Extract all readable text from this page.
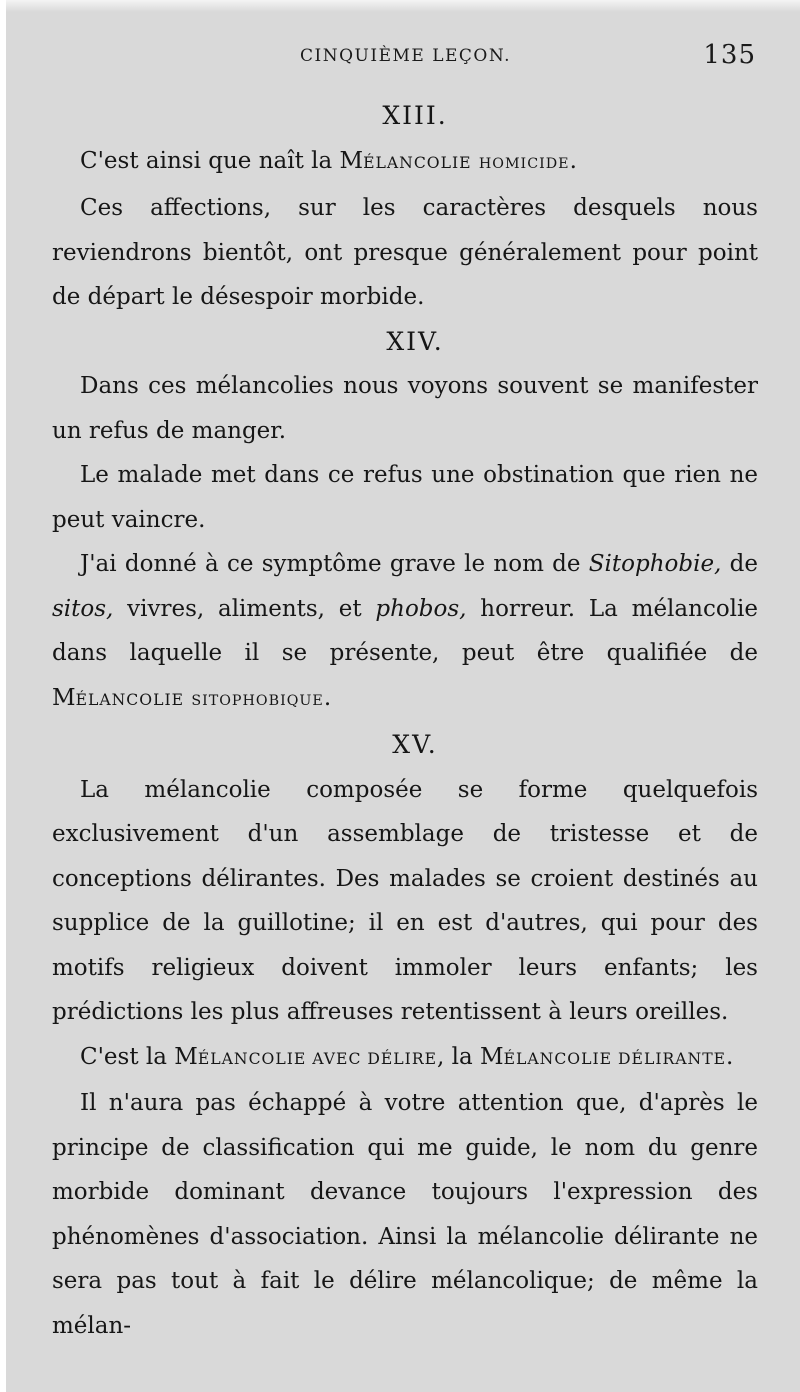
CINQUIÈME LEÇON.	135

XIII.

C'est ainsi que naît la MÉLANCOLIE HOMICIDE.

Ces affections, sur les caractères desquels nous reviendrons bientôt, ont presque généralement pour point de départ le désespoir morbide.

XIV.

Dans ces mélancolies nous voyons souvent se manifester un refus de manger.

Le malade met dans ce refus une obstination que rien ne peut vaincre.

J'ai donné à ce symptôme grave le nom de Sitophobie, de sitos, vivres, aliments, et phobos, horreur. La mélancolie dans laquelle il se présente, peut être qualifiée de MÉLANCOLIE SITOPHOBIQUE.

XV.

La mélancolie composée se forme quelquefois exclusivement d'un assemblage de tristesse et de conceptions délirantes. Des malades se croient destinés au supplice de la guillotine; il en est d'autres, qui pour des motifs religieux doivent immoler leurs enfants; les prédictions les plus affreuses retentissent à leurs oreilles.

C'est la MÉLANCOLIE AVEC DÉLIRE, la MÉLANCOLIE DÉLIRANTE.

Il n'aura pas échappé à votre attention que, d'après le principe de classification qui me guide, le nom du genre morbide dominant devance toujours l'expression des phénomènes d'association. Ainsi la mélancolie délirante ne sera pas tout à fait le délire mélancolique; de même la mélan-
